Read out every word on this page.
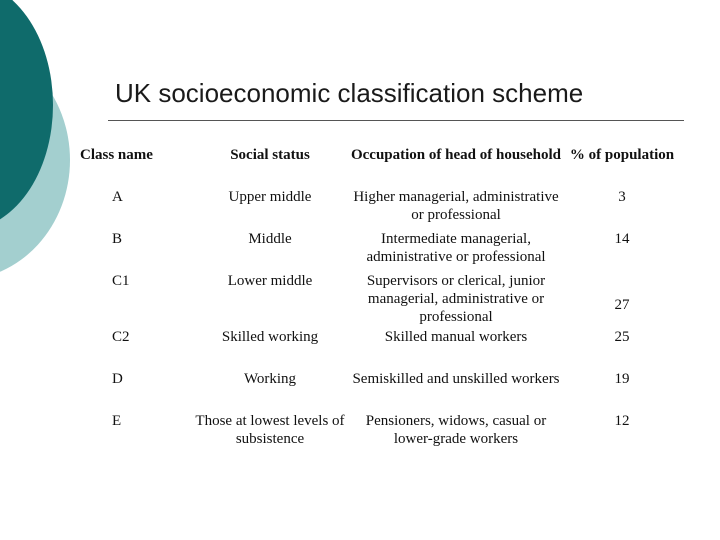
UK socioeconomic classification scheme
Class name	Social status	Occupation of head of household	% of population
A	Upper middle	Higher managerial, administrative or professional	3
B	Middle	Intermediate managerial, administrative or professional	14
C1	Lower middle	Supervisors or clerical, junior managerial, administrative or professional	27
C2	Skilled working	Skilled manual workers	25
D	Working	Semiskilled and unskilled workers	19
E	Those at lowest levels of subsistence	Pensioners, widows, casual or lower-grade workers	12
